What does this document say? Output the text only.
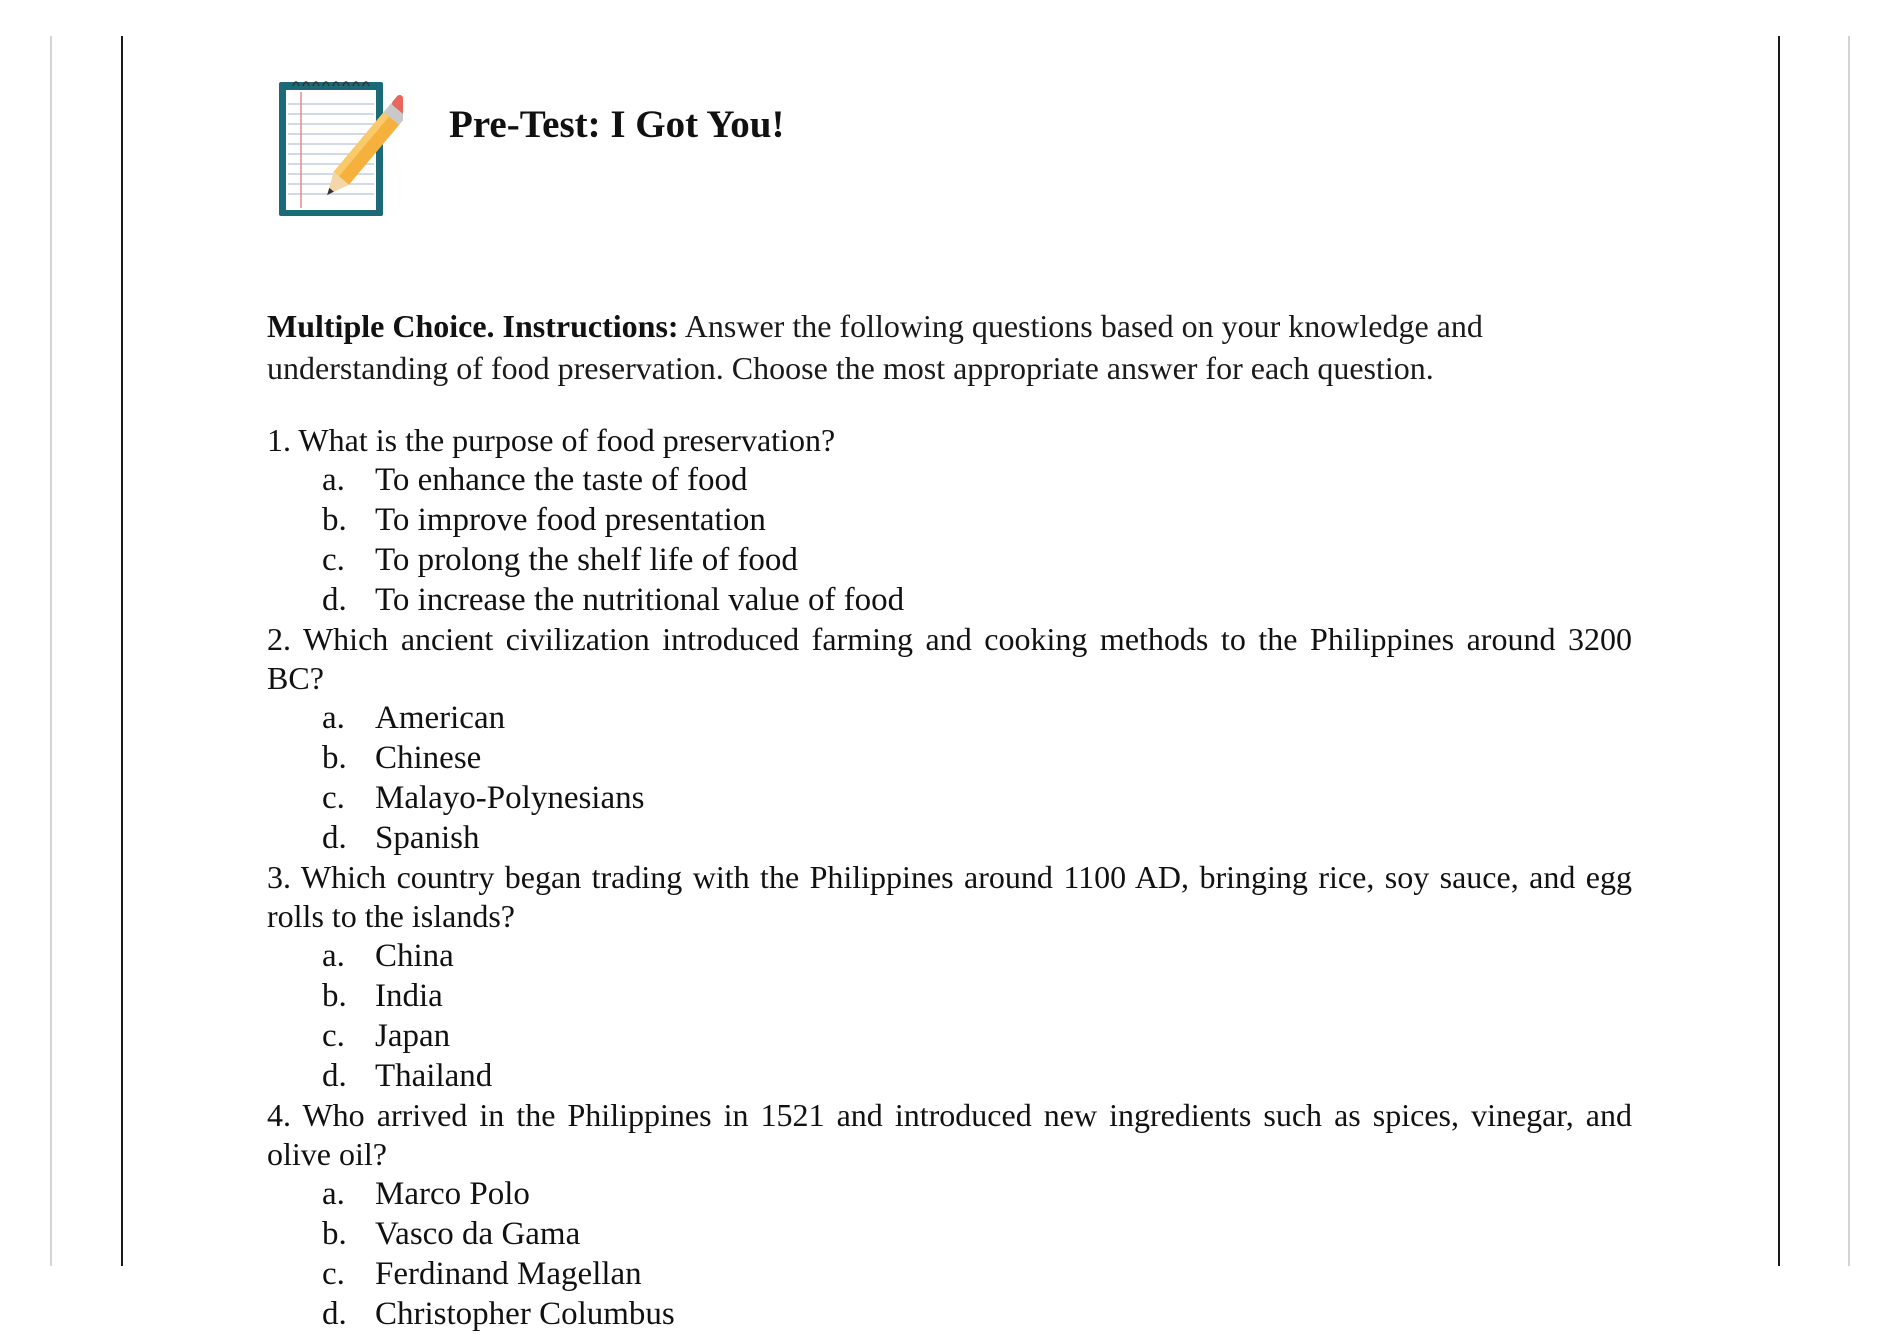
Pre-Test: I Got You!

Multiple Choice. Instructions: Answer the following questions based on your knowledge and understanding of food preservation. Choose the most appropriate answer for each question.

1. What is the purpose of food preservation?
a. To enhance the taste of food
b. To improve food presentation
c. To prolong the shelf life of food
d. To increase the nutritional value of food
2. Which ancient civilization introduced farming and cooking methods to the Philippines around 3200 BC?
a. American
b. Chinese
c. Malayo-Polynesians
d. Spanish
3. Which country began trading with the Philippines around 1100 AD, bringing rice, soy sauce, and egg rolls to the islands?
a. China
b. India
c. Japan
d. Thailand
4. Who arrived in the Philippines in 1521 and introduced new ingredients such as spices, vinegar, and olive oil?
a. Marco Polo
b. Vasco da Gama
c. Ferdinand Magellan
d. Christopher Columbus
